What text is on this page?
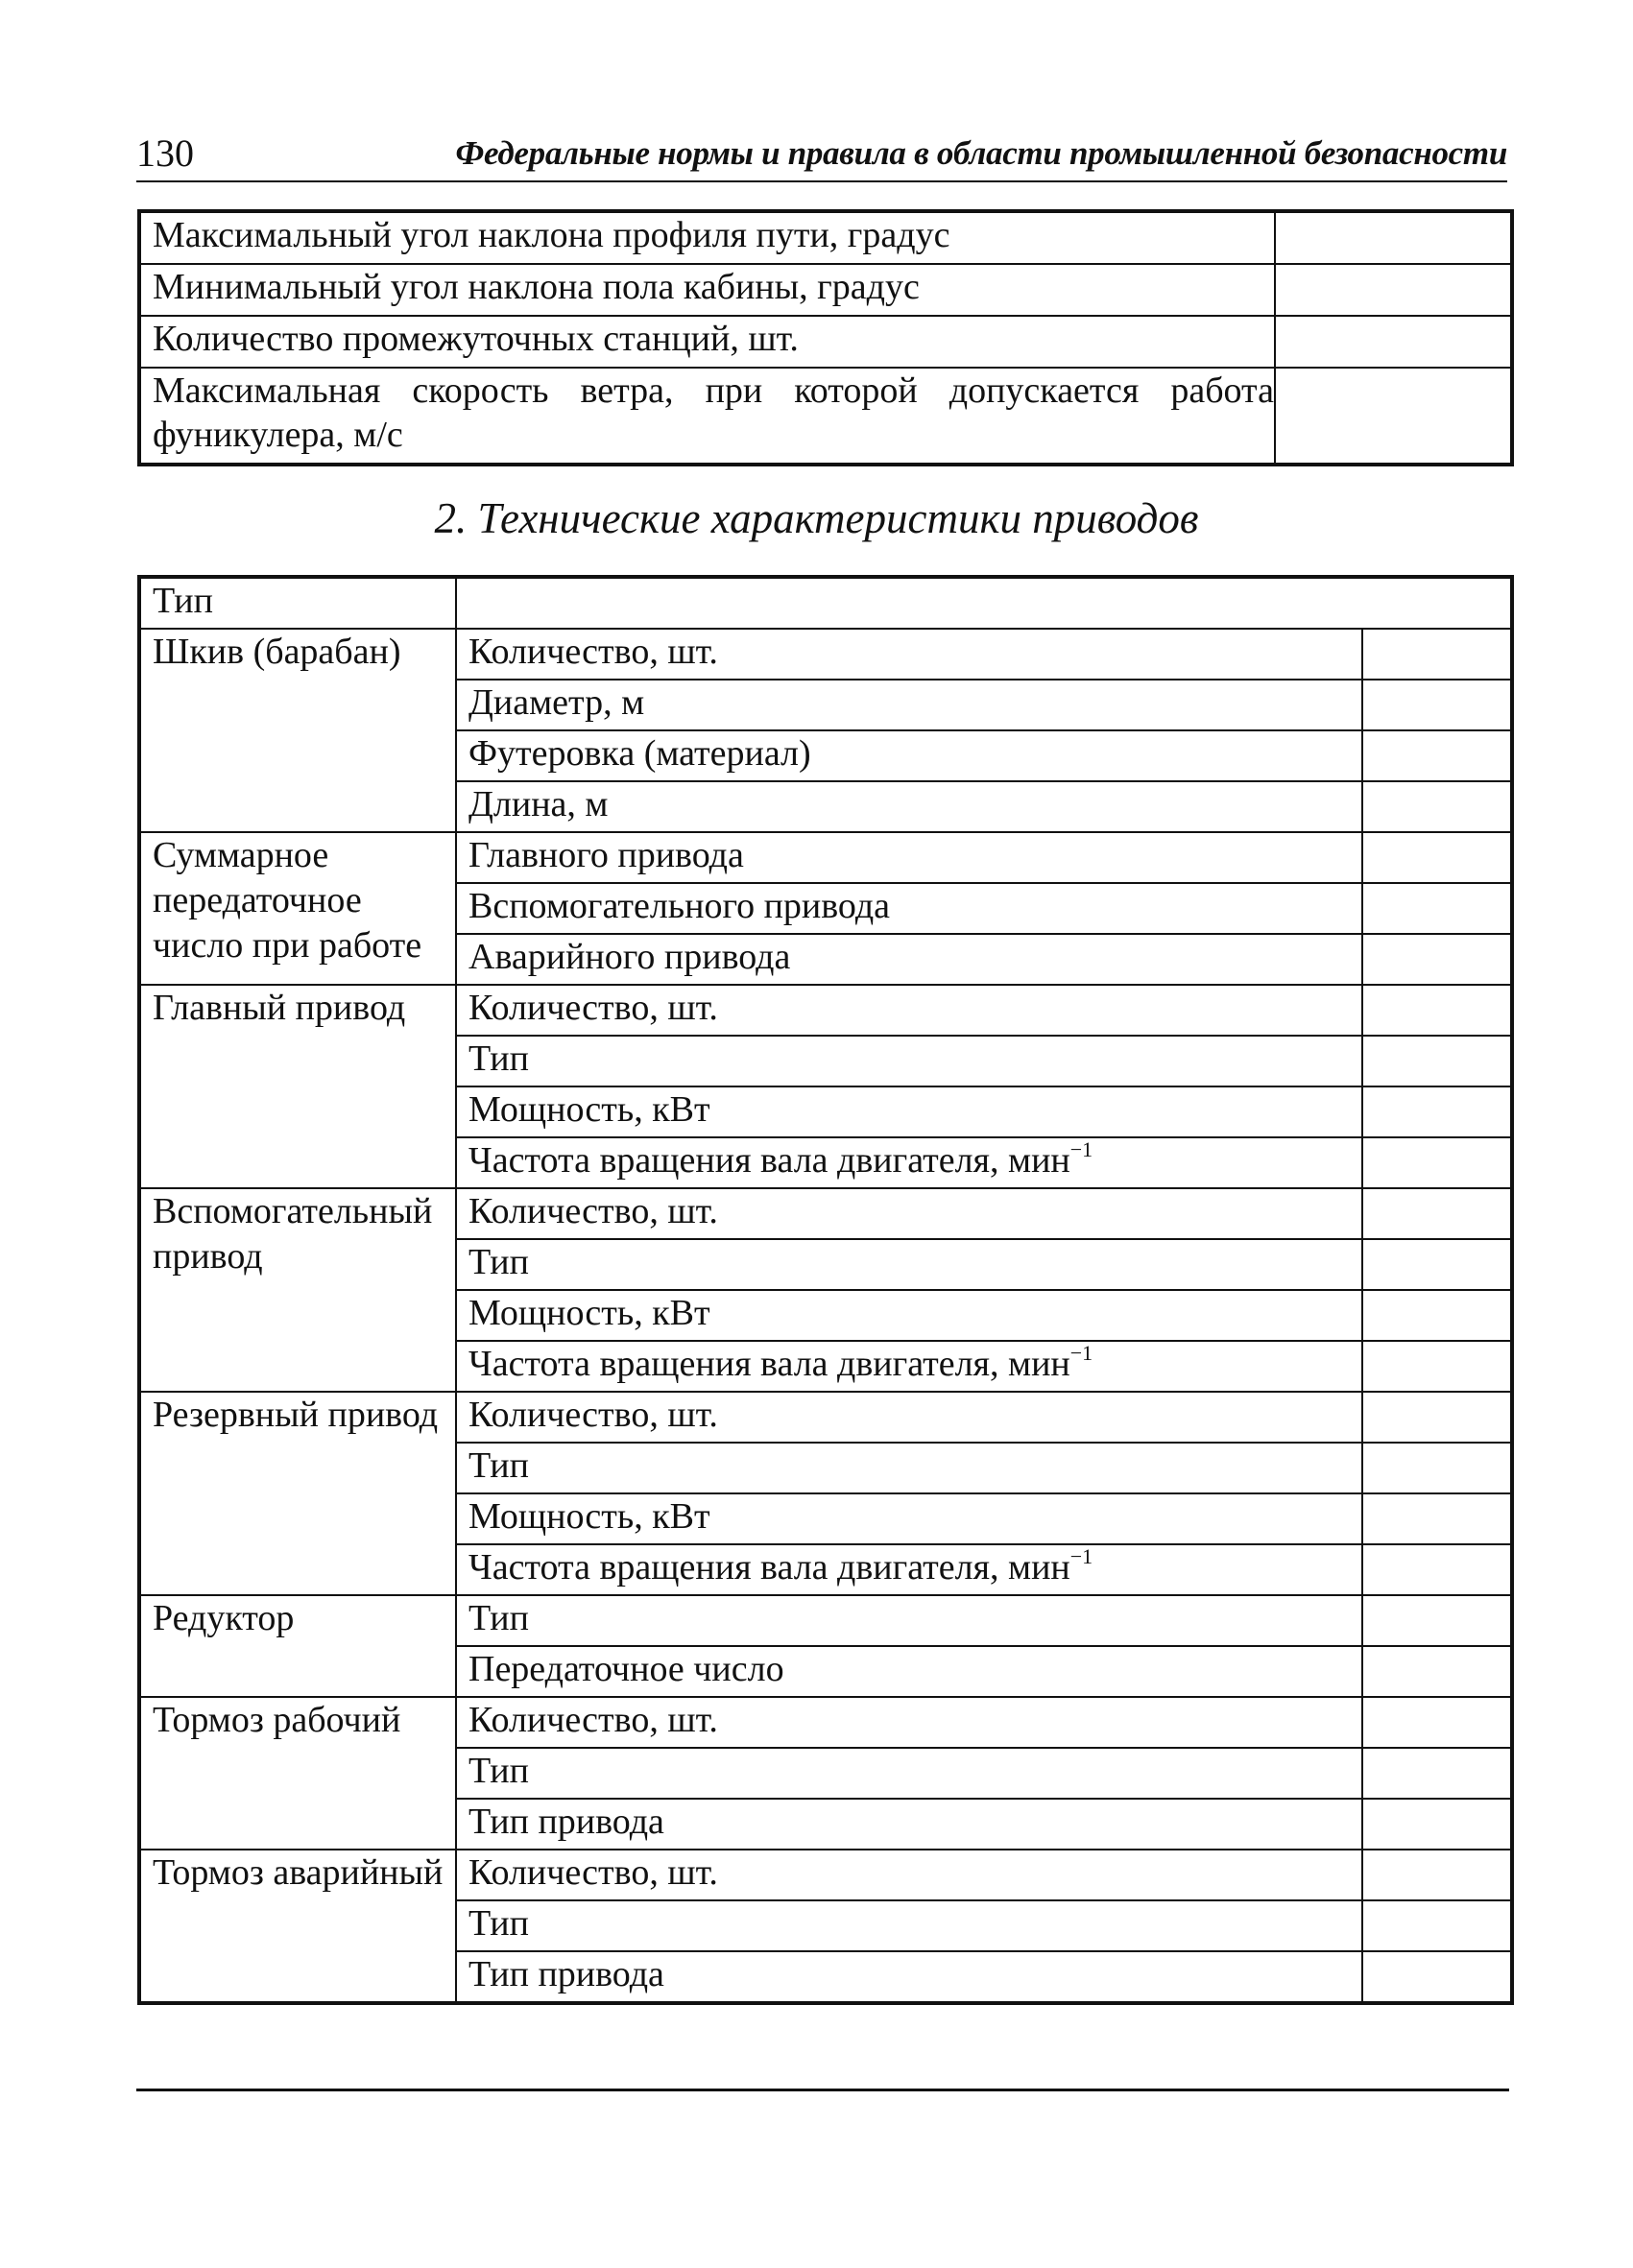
130	Федеральные нормы и правила в области промышленной безопасности
Максимальный угол наклона профиля пути, градус	
Минимальный угол наклона пола кабины, градус	
Количество промежуточных станций, шт.	
Максимальная скорость ветра, при которой допускается работа фуникулера, м/с	
2. Технические характеристики приводов
Тип		
Шкив (барабан)	Количество, шт.	
	Диаметр, м	
	Футеровка (материал)	
	Длина, м	
Суммарное передаточное число при работе	Главного привода	
	Вспомогательного привода	
	Аварийного привода	
Главный привод	Количество, шт.	
	Тип	
	Мощность, кВт	
	Частота вращения вала двигателя, мин$^{-1}$	
Вспомогательный привод	Количество, шт.	
	Тип	
	Мощность, кВт	
	Частота вращения вала двигателя, мин$^{-1}$	
Резервный привод	Количество, шт.	
	Тип	
	Мощность, кВт	
	Частота вращения вала двигателя, мин$^{-1}$	
Редуктор	Тип	
	Передаточное число	
Тормоз рабочий	Количество, шт.	
	Тип	
	Тип привода	
Тормоз аварийный	Количество, шт.	
	Тип	
	Тип привода	
